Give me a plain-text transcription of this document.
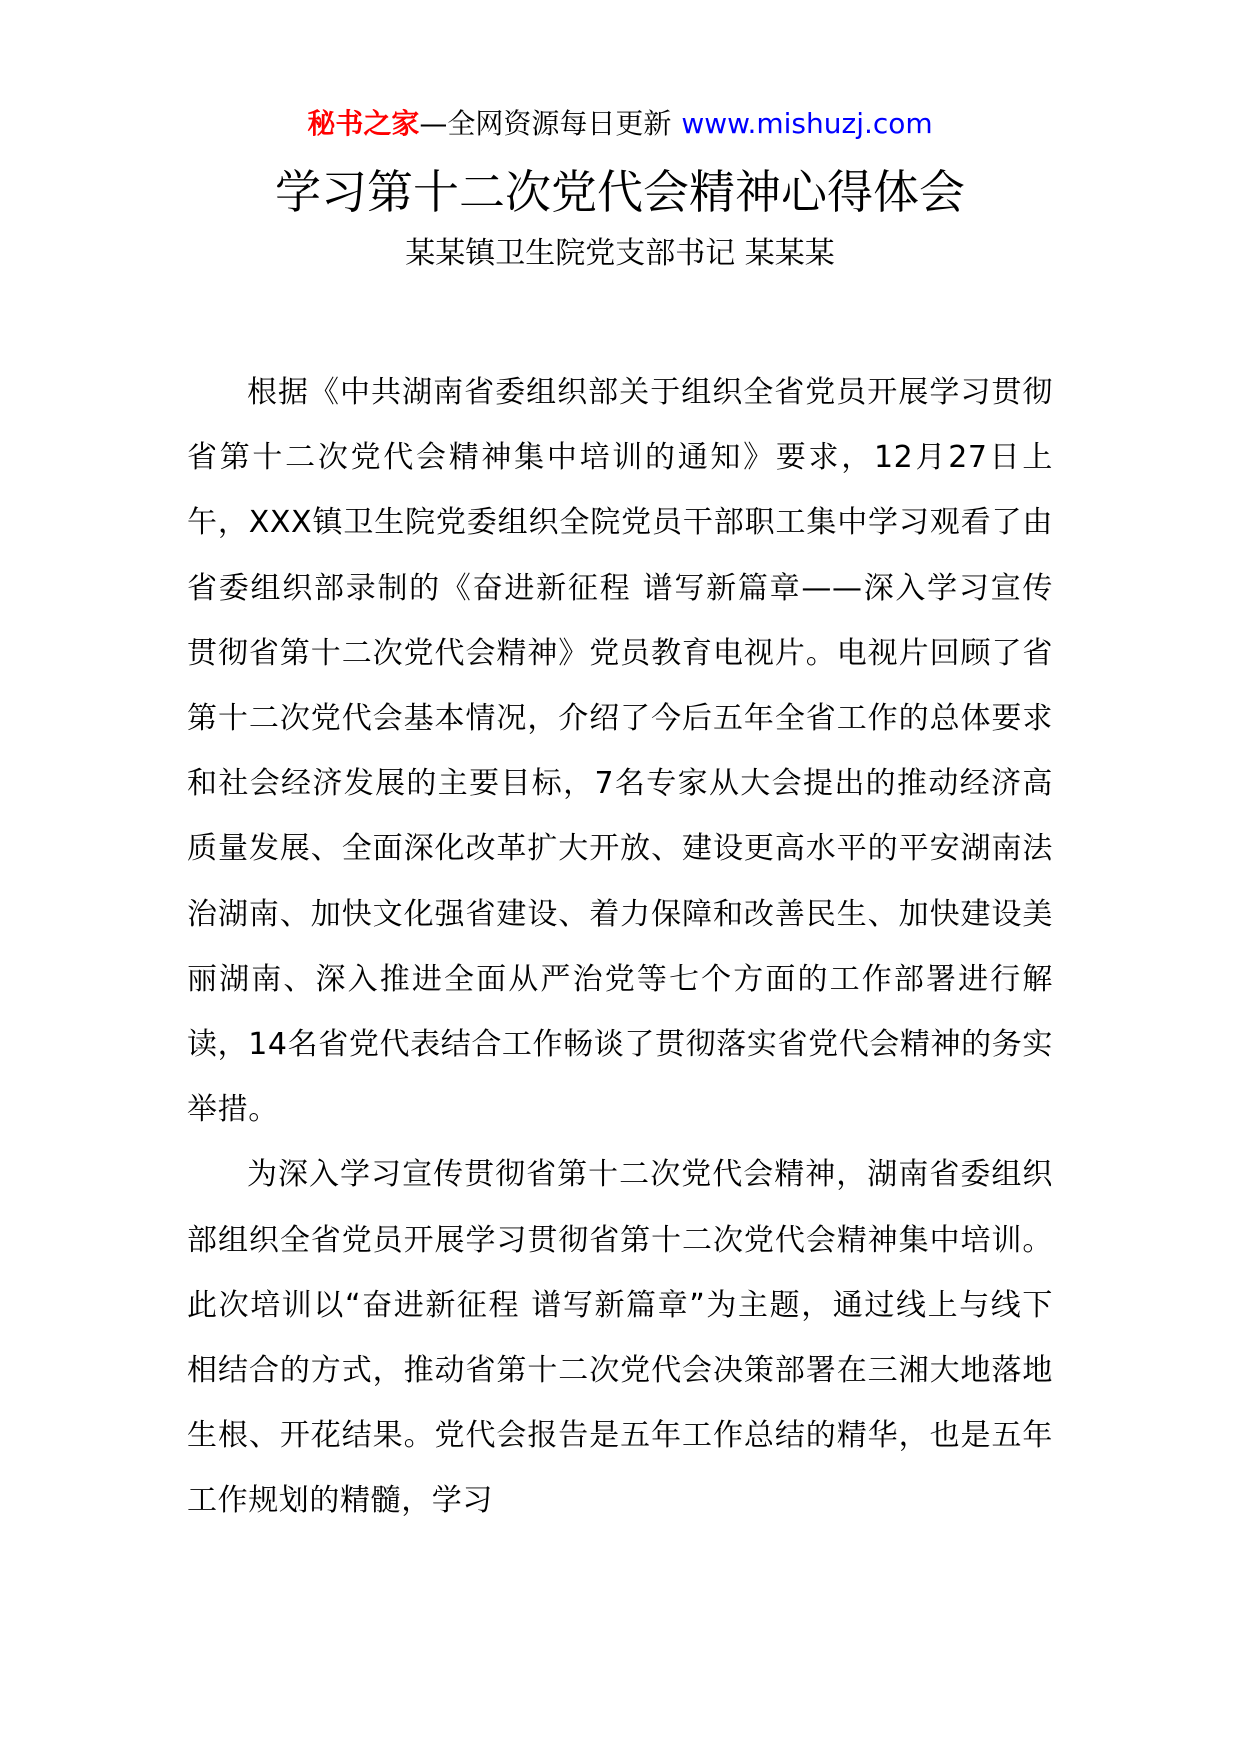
秘书之家—全网资源每日更新 www.mishuzj.com
学习第十二次党代会精神心得体会
某某镇卫生院党支部书记 某某某

根据《中共湖南省委组织部关于组织全省党员开展学习贯彻省第十二次党代会精神集中培训的通知》要求，12月27日上午，XXX镇卫生院党委组织全院党员干部职工集中学习观看了由省委组织部录制的《奋进新征程 谱写新篇章——深入学习宣传贯彻省第十二次党代会精神》党员教育电视片。电视片回顾了省第十二次党代会基本情况，介绍了今后五年全省工作的总体要求和社会经济发展的主要目标，7名专家从大会提出的推动经济高质量发展、全面深化改革扩大开放、建设更高水平的平安湖南法治湖南、加快文化强省建设、着力保障和改善民生、加快建设美丽湖南、深入推进全面从严治党等七个方面的工作部署进行解读，14名省党代表结合工作畅谈了贯彻落实省党代会精神的务实举措。

为深入学习宣传贯彻省第十二次党代会精神，湖南省委组织部组织全省党员开展学习贯彻省第十二次党代会精神集中培训。此次培训以“奋进新征程 谱写新篇章”为主题，通过线上与线下相结合的方式，推动省第十二次党代会决策部署在三湘大地落地生根、开花结果。党代会报告是五年工作总结的精华，也是五年工作规划的精髓，学习
